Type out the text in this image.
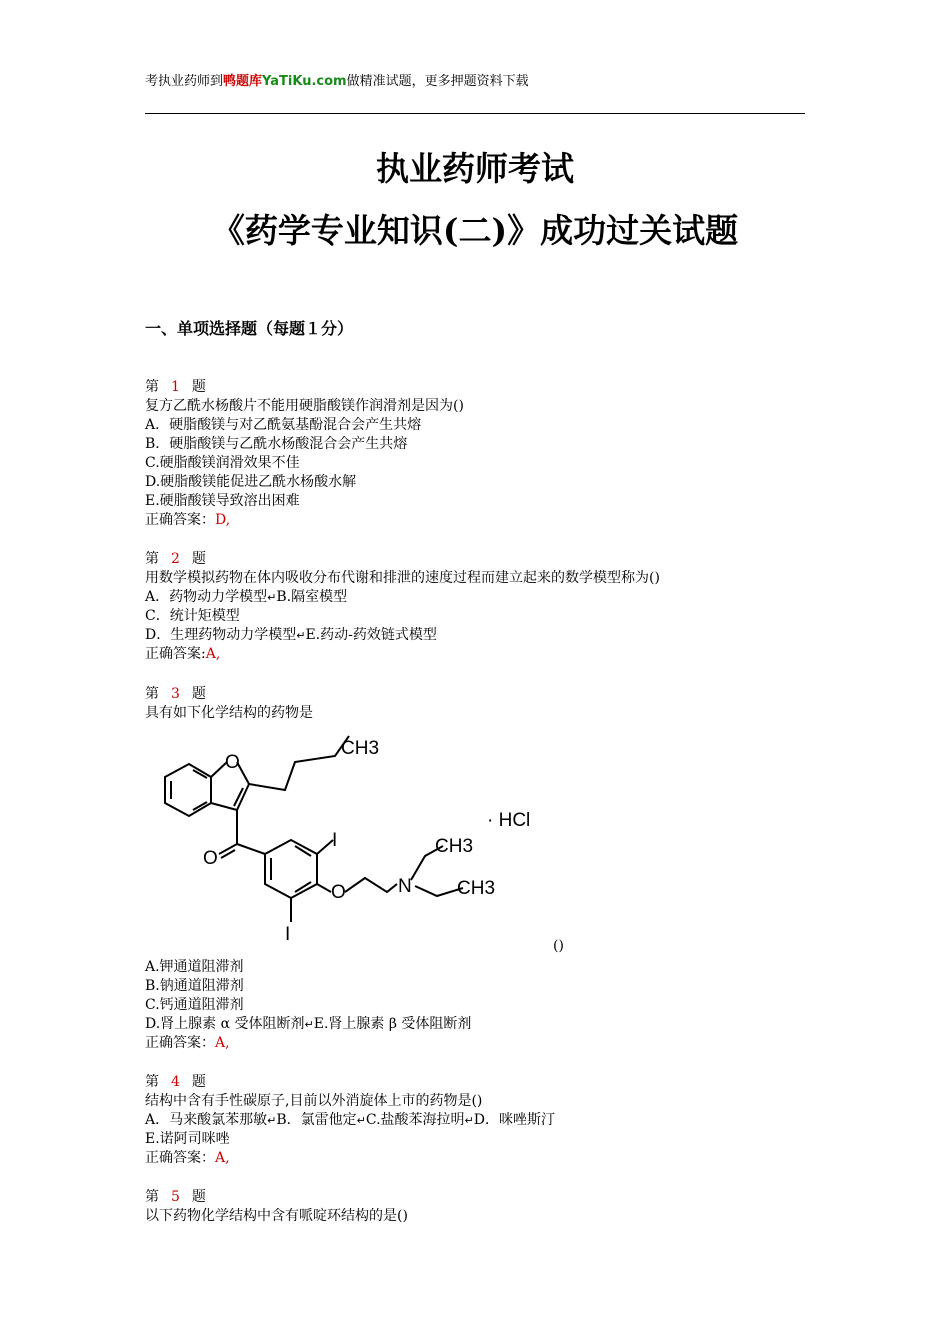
考执业药师到鸭题库YaTiKu.com做精准试题，更多押题资料下载
执业药师考试
《药学专业知识(二)》成功过关试题
一、单项选择题（每题１分）
第 1 题
复方乙酰水杨酸片不能用硬脂酸镁作润滑剂是因为()
A．硬脂酸镁与对乙酰氨基酚混合会产生共熔
B．硬脂酸镁与乙酰水杨酸混合会产生共熔
C.硬脂酸镁润滑效果不佳
D.硬脂酸镁能促进乙酰水杨酸水解
E.硬脂酸镁导致溶出困难
正确答案：D,
第 2 题
用数学模拟药物在体内吸收分布代谢和排泄的速度过程而建立起来的数学模型称为()
A．药物动力学模型↵B.隔室模型
C．统计矩模型
D．生理药物动力学模型↵E.药动-药效链式模型
正确答案:A,
第 3 题
具有如下化学结构的药物是
CH3
O
O
O
I
I
N
CH3
CH3
· HCl
()
A.钾通道阻滞剂
B.钠通道阻滞剂
C.钙通道阻滞剂
D.肾上腺素 α 受体阻断剂↵E.肾上腺素 β 受体阻断剂
正确答案：A,
第 4 题
结构中含有手性碳原子,目前以外消旋体上市的药物是()
A．马来酸氯苯那敏↵B．氯雷他定↵C.盐酸苯海拉明↵D．咪唑斯汀
E.诺阿司咪唑
正确答案：A,
第 5 题
以下药物化学结构中含有哌啶环结构的是()
